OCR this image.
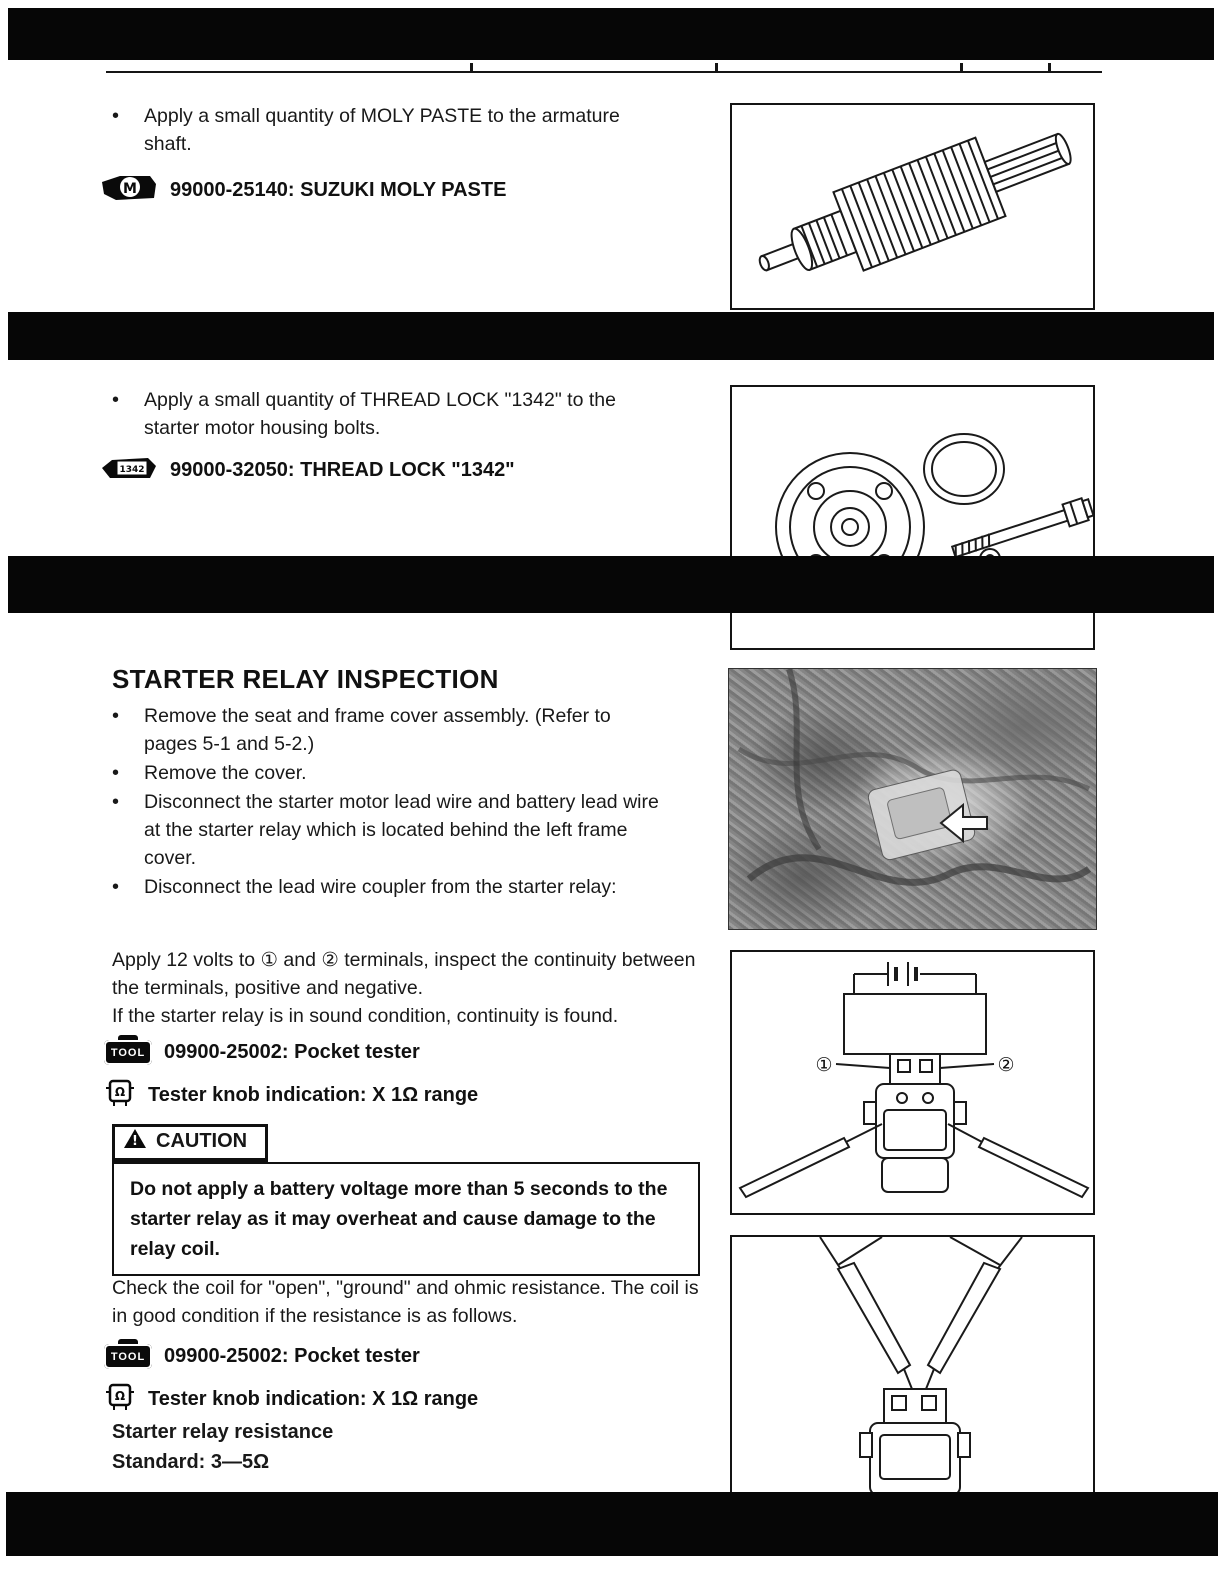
•	Apply a small quantity of MOLY PASTE to the armature shaft.
M 99000-25140: SUZUKI MOLY PASTE
•	Apply a small quantity of THREAD LOCK "1342" to the starter motor housing bolts.
1342 99000-32050: THREAD LOCK "1342"
STARTER RELAY INSPECTION
•	Remove the seat and frame cover assembly. (Refer to pages 5-1 and 5-2.)
•	Remove the cover.
•	Disconnect the starter motor lead wire and battery lead wire at the starter relay which is located behind the left frame cover.
•	Disconnect the lead wire coupler from the starter relay:
Apply 12 volts to ① and ② terminals, inspect the continuity between the terminals, positive and negative.
If the starter relay is in sound condition, continuity is found.
TOOL 09900-25002: Pocket tester
Ω Tester knob indication: X 1Ω range
! CAUTION
Do not apply a battery voltage more than 5 seconds to the starter relay as it may overheat and cause damage to the relay coil.
Check the coil for "open", "ground" and ohmic resistance. The coil is in good condition if the resistance is as follows.
TOOL 09900-25002: Pocket tester
Ω Tester knob indication: X 1Ω range
Starter relay resistance
Standard: 3—5Ω
①	②
